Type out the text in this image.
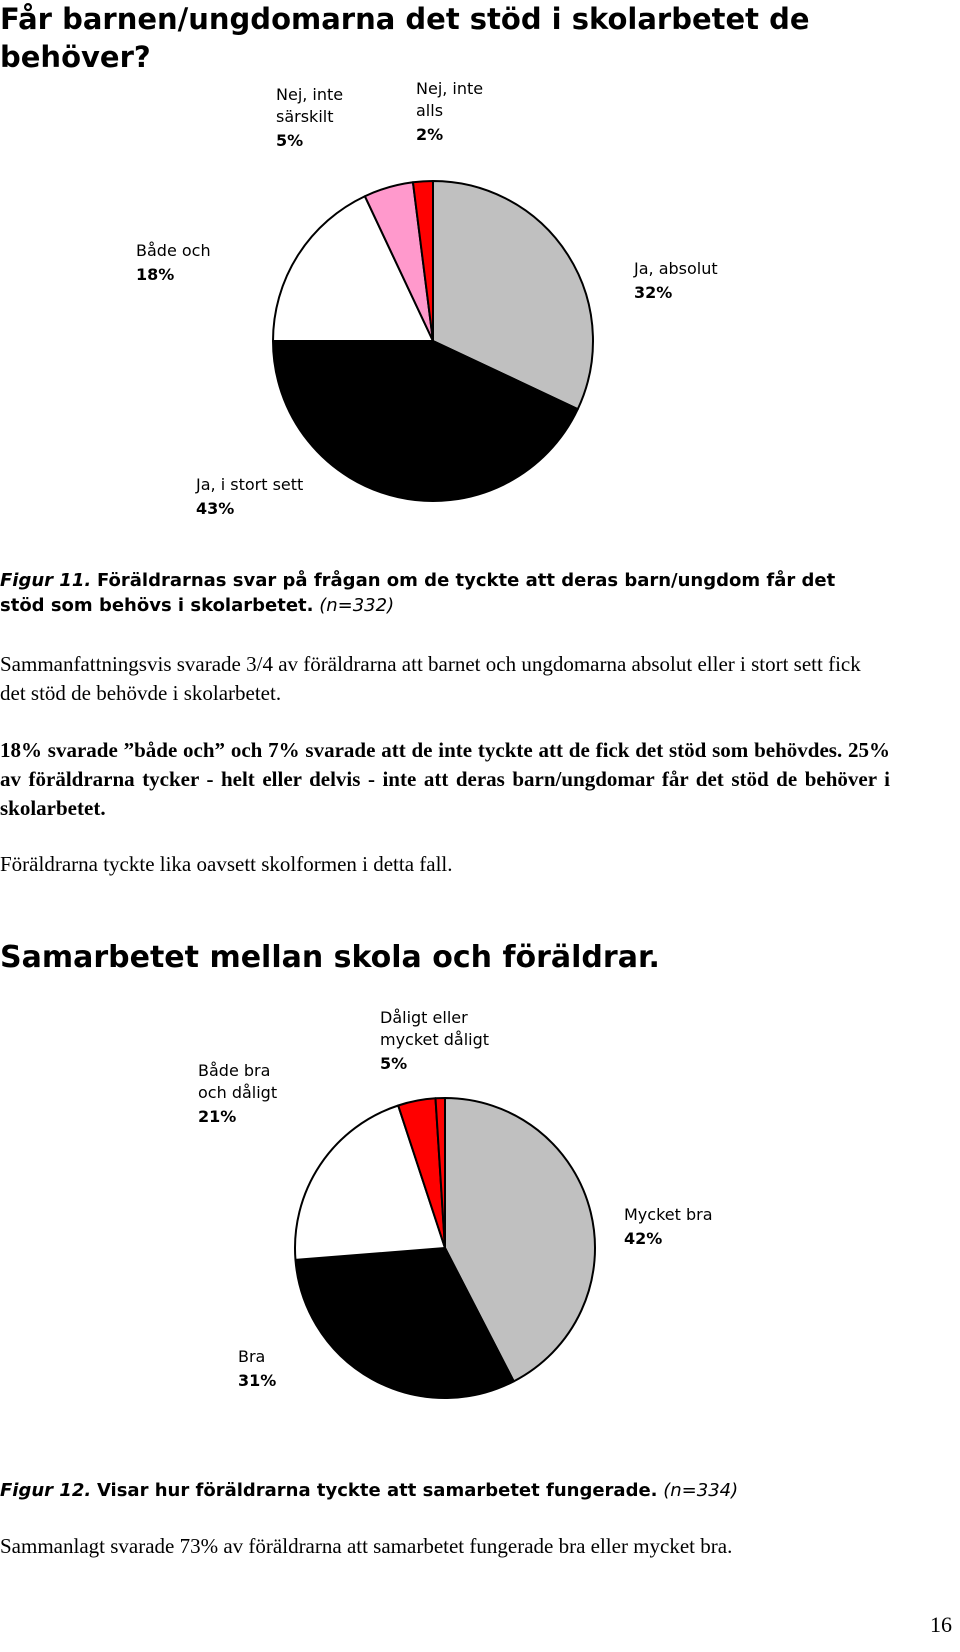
Får barnen/ungdomarna det stöd i skolarbetet de behöver?
Ja, absolut
32%
Ja, i stort sett
43%
Både och
18%
Nej, inte
särskilt
5%
Nej, inte
alls
2%
Figur 11. Föräldrarnas svar på frågan om de tyckte att deras barn/ungdom får det stöd som behövs i skolarbetet. (n=332)
Sammanfattningsvis svarade 3/4 av föräldrarna att barnet och ungdomarna absolut eller i stort sett fick det stöd de behövde i skolarbetet.
18% svarade ”både och” och 7% svarade att de inte tyckte att de fick det stöd som behövdes. 25% av föräldrarna tycker - helt eller delvis - inte att deras barn/ungdomar får det stöd de behöver i skolarbetet.
Föräldrarna tyckte lika oavsett skolformen i detta fall.
Samarbetet mellan skola och föräldrar.
Mycket bra
42%
Bra
31%
Både bra
och dåligt
21%
Dåligt eller
mycket dåligt
5%
Figur 12. Visar hur föräldrarna tyckte att samarbetet fungerade. (n=334)
Sammanlagt svarade 73% av föräldrarna att samarbetet fungerade bra eller mycket bra.
16
